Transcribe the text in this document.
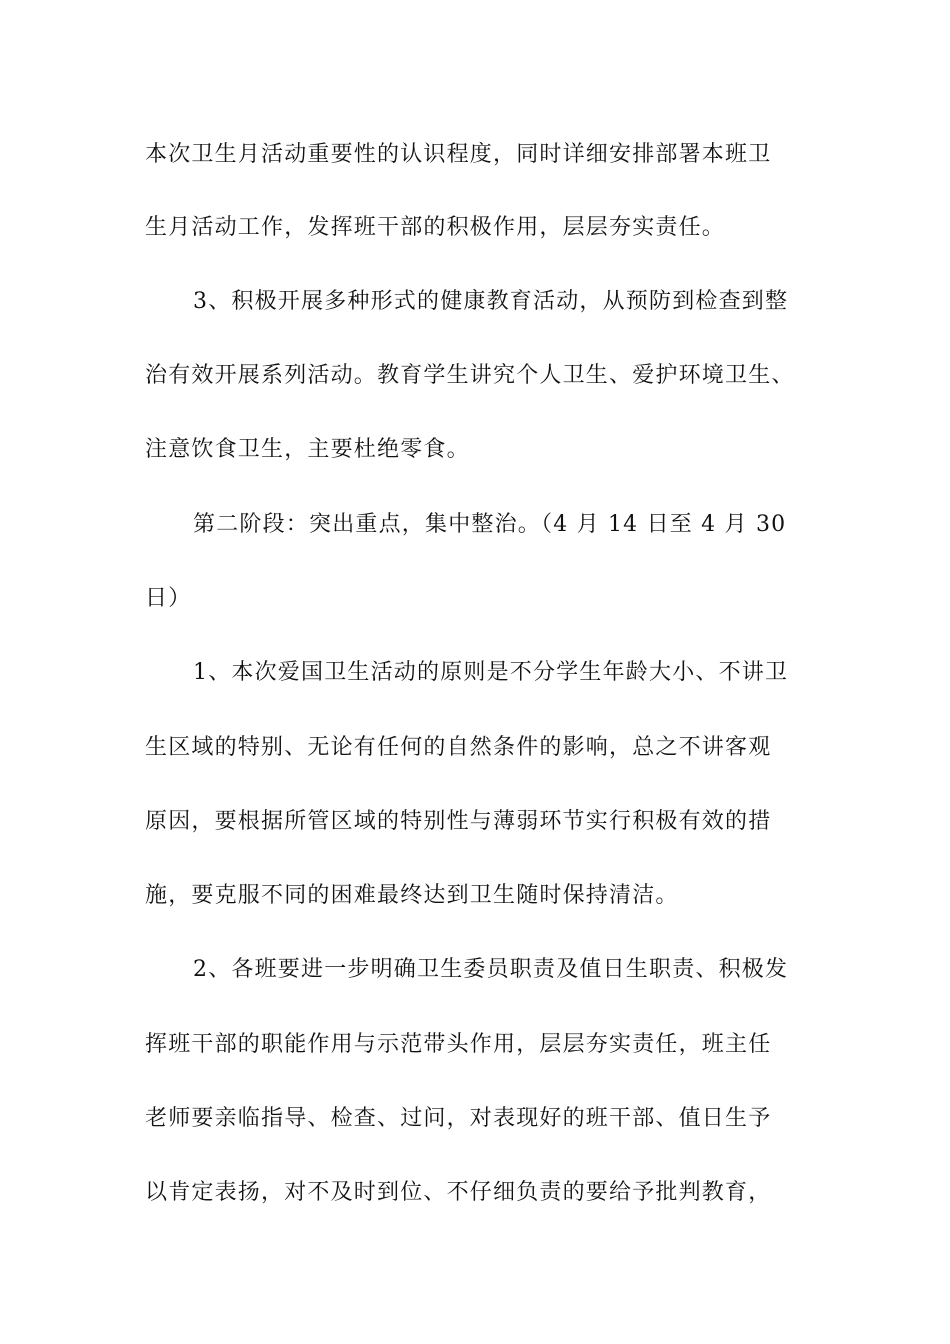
本次卫生月活动重要性的认识程度，同时详细安排部署本班卫
生月活动工作，发挥班干部的积极作用，层层夯实责任。
3、积极开展多种形式的健康教育活动，从预防到检查到整
治有效开展系列活动。教育学生讲究个人卫生、爱护环境卫生、
注意饮食卫生，主要杜绝零食。
第二阶段：突出重点，集中整治。（4 月 14 日至 4 月 30
日）
1、本次爱国卫生活动的原则是不分学生年龄大小、不讲卫
生区域的特别、无论有任何的自然条件的影响，总之不讲客观
原因，要根据所管区域的特别性与薄弱环节实行积极有效的措
施，要克服不同的困难最终达到卫生随时保持清洁。
2、各班要进一步明确卫生委员职责及值日生职责、积极发
挥班干部的职能作用与示范带头作用，层层夯实责任，班主任
老师要亲临指导、检查、过问，对表现好的班干部、值日生予
以肯定表扬，对不及时到位、不仔细负责的要给予批判教育，
